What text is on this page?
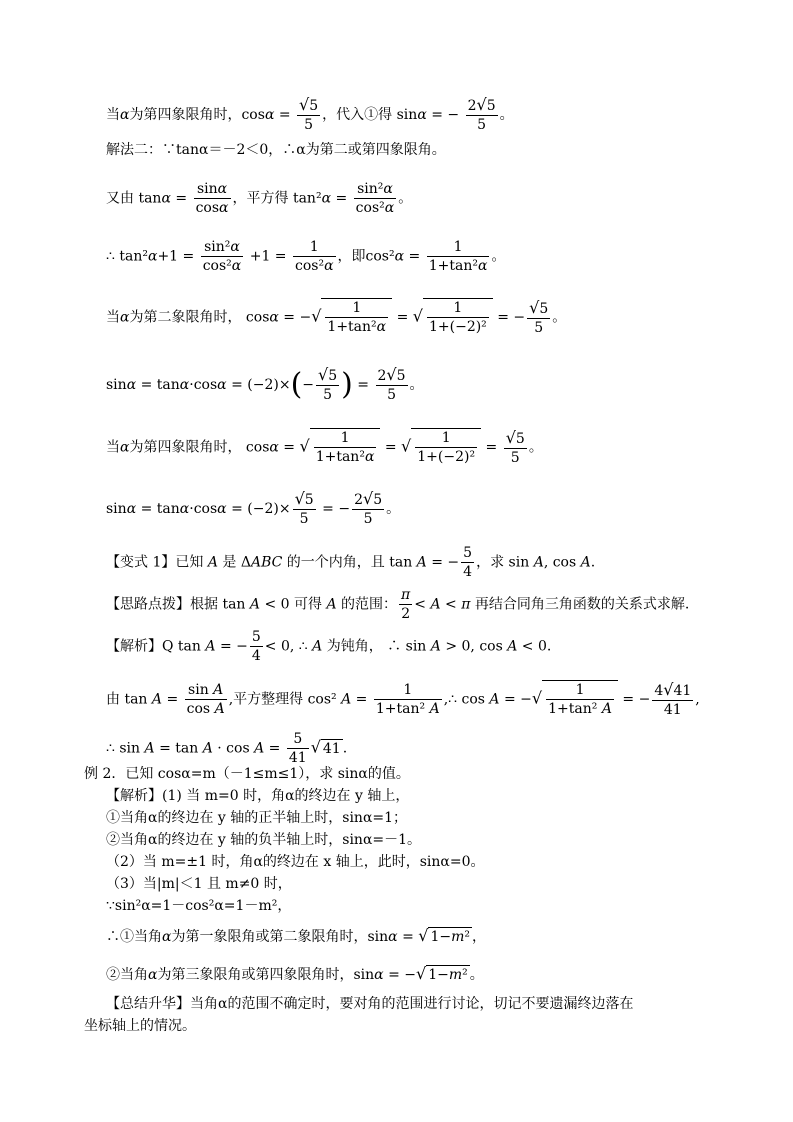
当α为第四象限角时，$\cos\alpha = \frac{√5}{5}$ ，代入①得 sinα = − $\frac{2√5}{5}$ 。
解法二：∵tanα＝－2＜0，∴α为第二或第四象限角。
又由 $\tan\alpha = \frac{\sin\alpha}{\cos\alpha}$ ，平方得 $\tan^2\alpha = \frac{\text{sin²α}}{\text{cos²α}}$ 。
∴ $\tan^2\alpha+1 = \frac{\text{sin²α}}{\text{cos²α}} +1 = \frac{1}{\text{cos²α}}$ ，即$\cos^2\alpha = \frac{1}{\text{1+tan²α}}$ 。
当α为第二象限角时， cosα = −√ $\frac{1}{\text{1+tan²α}}$ = √ $\frac{1}{\text{1+(−2)²}}$ = − $\frac{√5}{5}$ 。
$\sin\alpha = \tan\alpha\cdot\cos\alpha = (-2)\times(- \frac{√5}{5}$ ) = $\frac{2√5}{5}$ 。
当α为第四象限角时， cosα = √ $\frac{1}{\text{1+tan²α}}$ = √ $\frac{1}{\text{1+(−2)²}} = \frac{√5}{5}$ 。
$\sin\alpha = \tan\alpha\cdot\cos\alpha = (-2)\times \frac{√5}{5}$ = − $\frac{2√5}{5}$ 。
【变式 1】已知 A 是 ΔABC 的一个内角，且 tan A = − $\frac{5}{4}$ ，求 sin A, cos A.
【思路点拨】根据 tan A < 0 可得 A 的范围： $\frac{\pi}{2} < A < \pi$ 再结合同角三角函数的关系式求解.
【解析】Q tan A = − $\frac{5}{4} < 0$, ∴ A 为钝角， ∴ sin A > 0, cos A < 0.
由 $\tan A = \frac{\text{sin A}}{\text{cos A}}$ ,平方整理得 cos² $A = \frac{1}{\text{1+tan² A}}$ ,∴ cos A = −√ $\frac{1}{\text{1+tan² A}}$ = − $\frac{4√41}{41}$ ,
∴ $\sin A = \tan A \cdot \cos A = \frac{5}{41}$ √ 41 .
例 2．已知 cosα=m（－1≤m≤1），求 sinα的值。
【解析】(1) 当 m=0 时，角α的终边在 y 轴上，
①当角α的终边在 y 轴的正半轴上时，sinα=1；
②当角α的终边在 y 轴的负半轴上时，sinα=－1。
（2）当 m=±1 时，角α的终边在 x 轴上，此时，sinα=0。
（3）当|m|＜1 且 m≠0 时，
∵sin²α=1－cos²α=1－m²，
∴①当角α为第一象限角或第二象限角时，sinα = √ 1−m² ，
②当角α为第三象限角或第四象限角时，sinα = −√ 1−m² 。
【总结升华】当角α的范围不确定时，要对角的范围进行讨论，切记不要遗漏终边落在
坐标轴上的情况。
